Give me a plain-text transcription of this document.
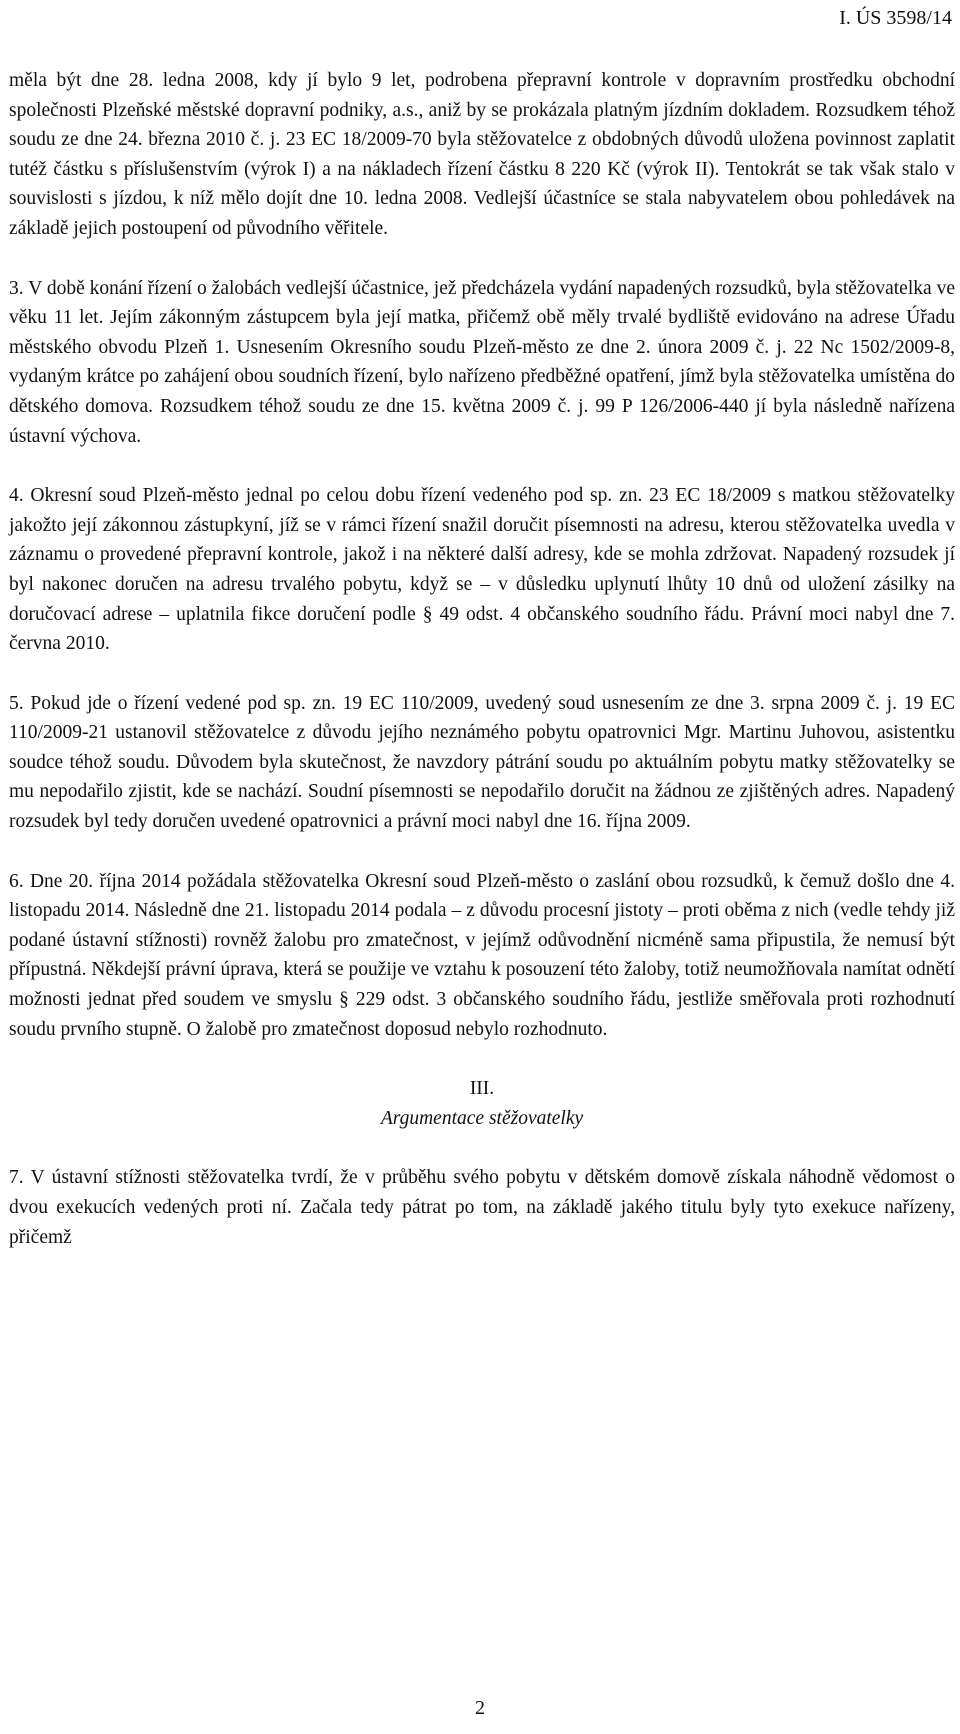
I. ÚS 3598/14

měla být dne 28. ledna 2008, kdy jí bylo 9 let, podrobena přepravní kontrole v dopravním prostředku obchodní společnosti Plzeňské městské dopravní podniky, a.s., aniž by se prokázala platným jízdním dokladem. Rozsudkem téhož soudu ze dne 24. března 2010 č. j. 23 EC 18/2009-70 byla stěžovatelce z obdobných důvodů uložena povinnost zaplatit tutéž částku s příslušenstvím (výrok I) a na nákladech řízení částku 8 220 Kč (výrok II). Tentokrát se tak však stalo v souvislosti s jízdou, k níž mělo dojít dne 10. ledna 2008. Vedlejší účastníce se stala nabyvatelem obou pohledávek na základě jejich postoupení od původního věřitele.

3. V době konání řízení o žalobách vedlejší účastnice, jež předcházela vydání napadených rozsudků, byla stěžovatelka ve věku 11 let. Jejím zákonným zástupcem byla její matka, přičemž obě měly trvalé bydliště evidováno na adrese Úřadu městského obvodu Plzeň 1. Usnesením Okresního soudu Plzeň-město ze dne 2. února 2009 č. j. 22 Nc 1502/2009-8, vydaným krátce po zahájení obou soudních řízení, bylo nařízeno předběžné opatření, jímž byla stěžovatelka umístěna do dětského domova. Rozsudkem téhož soudu ze dne 15. května 2009 č. j. 99 P 126/2006-440 jí byla následně nařízena ústavní výchova.

4. Okresní soud Plzeň-město jednal po celou dobu řízení vedeného pod sp. zn. 23 EC 18/2009 s matkou stěžovatelky jakožto její zákonnou zástupkyní, jíž se v rámci řízení snažil doručit písemnosti na adresu, kterou stěžovatelka uvedla v záznamu o provedené přepravní kontrole, jakož i na některé další adresy, kde se mohla zdržovat. Napadený rozsudek jí byl nakonec doručen na adresu trvalého pobytu, když se – v důsledku uplynutí lhůty 10 dnů od uložení zásilky na doručovací adrese – uplatnila fikce doručení podle § 49 odst. 4 občanského soudního řádu. Právní moci nabyl dne 7. června 2010.

5. Pokud jde o řízení vedené pod sp. zn. 19 EC 110/2009, uvedený soud usnesením ze dne 3. srpna 2009 č. j. 19 EC 110/2009-21 ustanovil stěžovatelce z důvodu jejího neznámého pobytu opatrovnici Mgr. Martinu Juhovou, asistentku soudce téhož soudu. Důvodem byla skutečnost, že navzdory pátrání soudu po aktuálním pobytu matky stěžovatelky se mu nepodařilo zjistit, kde se nachází. Soudní písemnosti se nepodařilo doručit na žádnou ze zjištěných adres. Napadený rozsudek byl tedy doručen uvedené opatrovnici a právní moci nabyl dne 16. října 2009.

6. Dne 20. října 2014 požádala stěžovatelka Okresní soud Plzeň-město o zaslání obou rozsudků, k čemuž došlo dne 4. listopadu 2014. Následně dne 21. listopadu 2014 podala – z důvodu procesní jistoty – proti oběma z nich (vedle tehdy již podané ústavní stížnosti) rovněž žalobu pro zmatečnost, v jejímž odůvodnění nicméně sama připustila, že nemusí být přípustná. Někdejší právní úprava, která se použije ve vztahu k posouzení této žaloby, totiž neumožňovala namítat odnětí možnosti jednat před soudem ve smyslu § 229 odst. 3 občanského soudního řádu, jestliže směřovala proti rozhodnutí soudu prvního stupně. O žalobě pro zmatečnost doposud nebylo rozhodnuto.

III.
Argumentace stěžovatelky

7. V ústavní stížnosti stěžovatelka tvrdí, že v průběhu svého pobytu v dětském domově získala náhodně vědomost o dvou exekucích vedených proti ní. Začala tedy pátrat po tom, na základě jakého titulu byly tyto exekuce nařízeny, přičemž

2
